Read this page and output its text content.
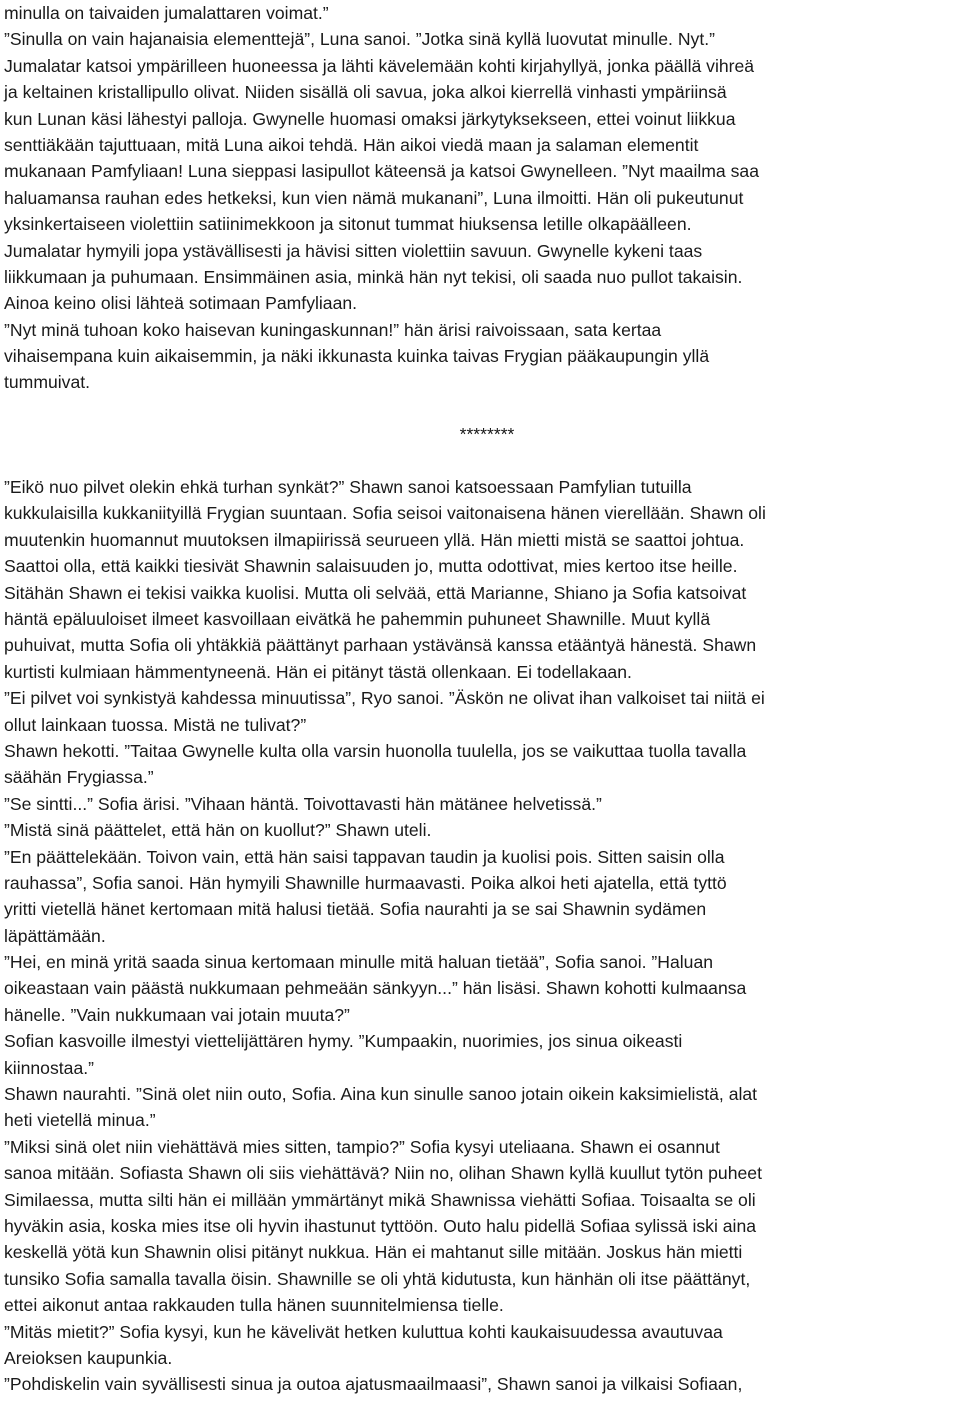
minulla on taivaiden jumalattaren voimat.”
”Sinulla on vain hajanaisia elementtejä”, Luna sanoi. ”Jotka sinä kyllä luovutat minulle. Nyt.”
Jumalatar katsoi ympärilleen huoneessa ja lähti kävelemään kohti kirjahyllyä, jonka päällä vihreä
ja keltainen kristallipullo olivat. Niiden sisällä oli savua, joka alkoi kierrellä vinhasti ympäriinsä
kun Lunan käsi lähestyi palloja. Gwynelle huomasi omaksi järkytyksekseen, ettei voinut liikkua
senttiäkään tajuttuaan, mitä Luna aikoi tehdä. Hän aikoi viedä maan ja salaman elementit
mukanaan Pamfyliaan! Luna sieppasi lasipullot käteensä ja katsoi Gwynelleen. ”Nyt maailma saa
haluamansa rauhan edes hetkeksi, kun vien nämä mukanani”, Luna ilmoitti. Hän oli pukeutunut
yksinkertaiseen violettiin satiinimekkoon ja sitonut tummat hiuksensa letille olkapäälleen.
Jumalatar hymyili jopa ystävällisesti ja hävisi sitten violettiin savuun. Gwynelle kykeni taas
liikkumaan ja puhumaan. Ensimmäinen asia, minkä hän nyt tekisi, oli saada nuo pullot takaisin.
Ainoa keino olisi lähteä sotimaan Pamfyliaan.
”Nyt minä tuhoan koko haisevan kuningaskunnan!” hän ärisi raivoissaan, sata kertaa
vihaisempana kuin aikaisemmin, ja näki ikkunasta kuinka taivas Frygian pääkaupungin yllä
tummuivat.
********
”Eikö nuo pilvet olekin ehkä turhan synkät?” Shawn sanoi katsoessaan Pamfylian tutuilla
kukkulaisilla kukkaniityillä Frygian suuntaan. Sofia seisoi vaitonaisena hänen vierellään. Shawn oli
muutenkin huomannut muutoksen ilmapiirissä seurueen yllä. Hän mietti mistä se saattoi johtua.
Saattoi olla, että kaikki tiesivät Shawnin salaisuuden jo, mutta odottivat, mies kertoo itse heille.
Sitähän Shawn ei tekisi vaikka kuolisi. Mutta oli selvää, että Marianne, Shiano ja Sofia katsoivat
häntä epäluuloiset ilmeet kasvoillaan eivätkä he pahemmin puhuneet Shawnille. Muut kyllä
puhuivat, mutta Sofia oli yhtäkkiä päättänyt parhaan ystävänsä kanssa etääntyä hänestä. Shawn
kurtisti kulmiaan hämmentyneenä. Hän ei pitänyt tästä ollenkaan. Ei todellakaan.
”Ei pilvet voi synkistyä kahdessa minuutissa”, Ryo sanoi. ”Äskön ne olivat ihan valkoiset tai niitä ei
ollut lainkaan tuossa. Mistä ne tulivat?”
Shawn hekotti. ”Taitaa Gwynelle kulta olla varsin huonolla tuulella, jos se vaikuttaa tuolla tavalla
säähän Frygiassa.”
”Se sintti...” Sofia ärisi. ”Vihaan häntä. Toivottavasti hän mätänee helvetissä.”
”Mistä sinä päättelet, että hän on kuollut?” Shawn uteli.
”En päättelekään. Toivon vain, että hän saisi tappavan taudin ja kuolisi pois. Sitten saisin olla
rauhassa”, Sofia sanoi. Hän hymyili Shawnille hurmaavasti. Poika alkoi heti ajatella, että tyttö
yritti vietellä hänet kertomaan mitä halusi tietää. Sofia naurahti ja se sai Shawnin sydämen
läpättämään.
”Hei, en minä yritä saada sinua kertomaan minulle mitä haluan tietää”, Sofia sanoi. ”Haluan
oikeastaan vain päästä nukkumaan pehmeään sänkyyn...” hän lisäsi. Shawn kohotti kulmaansa
hänelle. ”Vain nukkumaan vai jotain muuta?”
Sofian kasvoille ilmestyi viettelijättären hymy. ”Kumpaakin, nuorimies, jos sinua oikeasti
kiinnostaa.”
Shawn naurahti. ”Sinä olet niin outo, Sofia. Aina kun sinulle sanoo jotain oikein kaksimielistä, alat
heti vietellä minua.”
”Miksi sinä olet niin viehättävä mies sitten, tampio?” Sofia kysyi uteliaana. Shawn ei osannut
sanoa mitään. Sofiasta Shawn oli siis viehättävä? Niin no, olihan Shawn kyllä kuullut tytön puheet
Similaessa, mutta silti hän ei millään ymmärtänyt mikä Shawnissa viehätti Sofiaa. Toisaalta se oli
hyväkin asia, koska mies itse oli hyvin ihastunut tyttöön. Outo halu pidellä Sofiaa sylissä iski aina
keskellä yötä kun Shawnin olisi pitänyt nukkua. Hän ei mahtanut sille mitään. Joskus hän mietti
tunsiko Sofia samalla tavalla öisin. Shawnille se oli yhtä kidutusta, kun hänhän oli itse päättänyt,
ettei aikonut antaa rakkauden tulla hänen suunnitelmiensa tielle.
”Mitäs mietit?” Sofia kysyi, kun he kävelivät hetken kuluttua kohti kaukaisuudessa avautuvaa
Areioksen kaupunkia.
”Pohdiskelin vain syvällisesti sinua ja outoa ajatusmaailmaasi”, Shawn sanoi ja vilkaisi Sofiaan,
